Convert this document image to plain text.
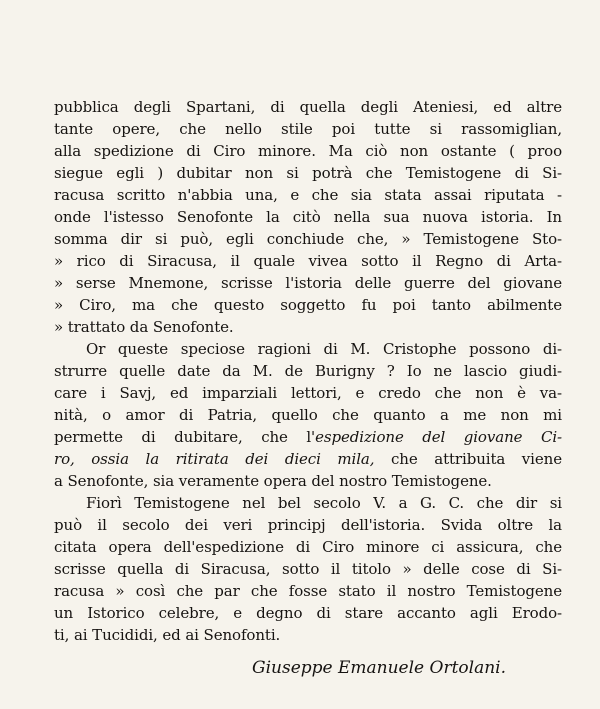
pubblica degli Spartani, di quella degli Ateniesi, ed altre
tante opere, che nello stile poi tutte si rassomiglian,
alla spedizione di Ciro minore. Ma ciò non ostante ( proo
siegue egli ) dubitar non si potrà che Temistogene di Si-
racusa scritto n'abbia una, e che sia stata assai riputata -
onde l'istesso Senofonte la citò nella sua nuova istoria. In
somma dir si può, egli conchiude che, » Temistogene Sto-
» rico di Siracusa, il quale vivea sotto il Regno di Arta-
» serse Mnemone, scrisse l'istoria delle guerre del giovane
» Ciro, ma che questo soggetto fu poi tanto abilmente
» trattato da Senofonte.
Or queste speciose ragioni di M. Cristophe possono di-
strurre quelle date da M. de Burigny ? Io ne lascio giudi-
care i Savj, ed imparziali lettori, e credo che non è va-
nità, o amor di Patria, quello che quanto a me non mi
permette di dubitare, che l'espedizione del giovane Ci-
ro, ossia la ritirata dei dieci mila, che attribuita viene
a Senofonte, sia veramente opera del nostro Temistogene.
Fiorì Temistogene nel bel secolo V. a G. C. che dir si
può il secolo dei veri principj dell'istoria. Svida oltre la
citata opera dell'espedizione di Ciro minore ci assicura, che
scrisse quella di Siracusa, sotto il titolo » delle cose di Si-
racusa » così che par che fosse stato il nostro Temistogene
un Istorico celebre, e degno di stare accanto agli Erodo-
ti, ai Tucididi, ed ai Senofonti.
Giuseppe Emanuele Ortolani.
